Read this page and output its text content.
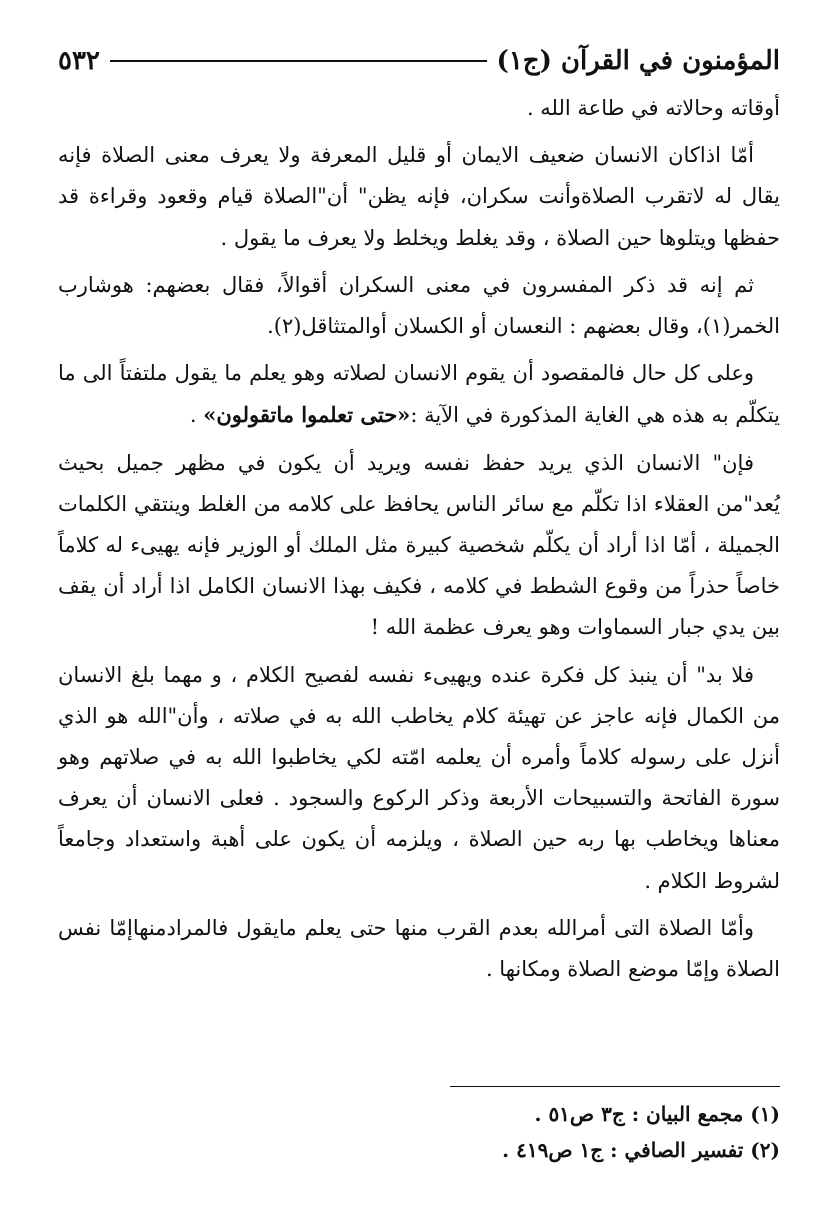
المؤمنون في القرآن (ج١)
٥٣٢

أوقاته وحالاته في طاعة الله .

أمّا اذاكان الانسان ضعيف الايمان أو قليل المعرفة ولا يعرف معنى الصلاة فإنه يقال له لاتقرب الصلاةوأنت سكران، فإنه يظن" أن"الصلاة قيام وقعود وقراءة قد حفظها ويتلوها حين الصلاة ، وقد يغلط ويخلط ولا يعرف ما يقول .

ثم إنه قد ذكر المفسرون في معنى السكران أقوالاً، فقال بعضهم: هوشارب الخمر(١)، وقال بعضهم : النعسان أو الكسلان أوالمتثاقل(٢).

وعلى كل حال فالمقصود أن يقوم الانسان لصلاته وهو يعلم ما يقول ملتفتاً الى ما يتكلّم به هذه هي الغاية المذكورة في الآية :«حتى تعلموا ماتقولون» .

فإن" الانسان الذي يريد حفظ نفسه ويريد أن يكون في مظهر جميل بحيث يُعد"من العقلاء اذا تكلّم مع سائر الناس يحافظ على كلامه من الغلط وينتقي الكلمات الجميلة ، أمّا اذا أراد أن يكلّم شخصية كبيرة مثل الملك أو الوزير فإنه يهيىء له كلاماً خاصاً حذراً من وقوع الشطط في كلامه ، فكيف بهذا الانسان الكامل اذا أراد أن يقف بين يدي جبار السماوات وهو يعرف عظمة الله !

فلا بد" أن ينبذ كل فكرة عنده ويهيىء نفسه لفصيح الكلام ، و مهما بلغ الانسان من الكمال فإنه عاجز عن تهيئة كلام يخاطب الله به في صلاته ، وأن"الله هو الذي أنزل على رسوله كلاماً وأمره أن يعلمه امّته لكي يخاطبوا الله به في صلاتهم وهو سورة الفاتحة والتسبيحات الأربعة وذكر الركوع والسجود . فعلى الانسان أن يعرف معناها ويخاطب بها ربه حين الصلاة ، ويلزمه أن يكون على أهبة واستعداد وجامعاً لشروط الكلام .

وأمّا الصلاة التى أمرالله بعدم القرب منها حتى يعلم مايقول فالمرادمنهاإمّا نفس الصلاة وإمّا موضع الصلاة ومكانها .

(١) مجمع البيان : ج٣ ص٥١ .
(٢) تفسير الصافي : ج١ ص٤١٩ .
